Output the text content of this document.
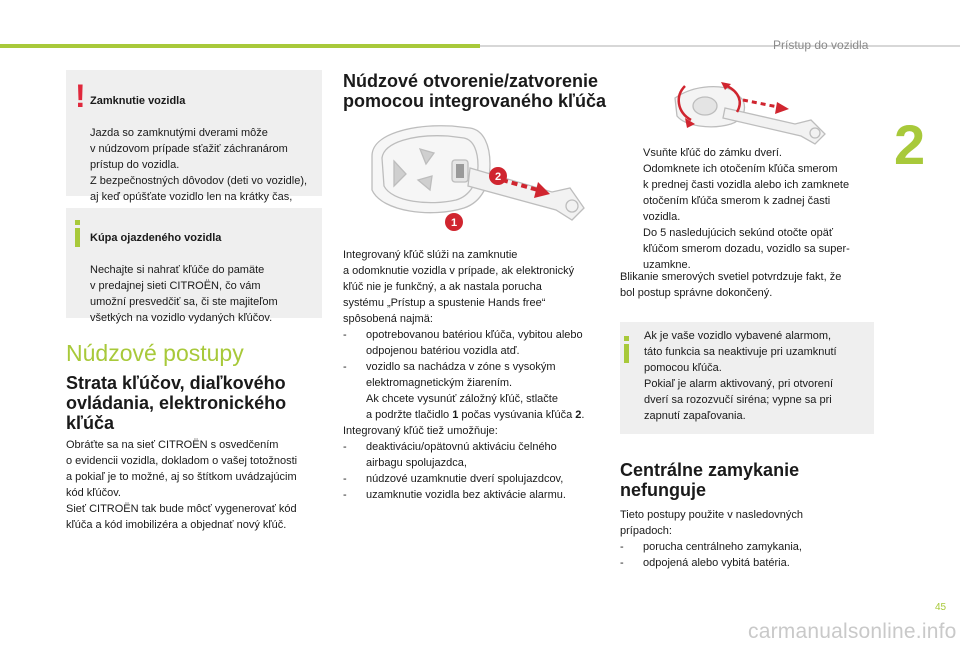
Prístup do vozidla
2
! Zamknutie vozidla

Jazda so zamknutými dverami môže
v núdzovom prípade sťažiť záchranárom
prístup do vozidla.
Z bezpečnostných dôvodov (deti vo vozidle),
aj keď opúšťate vozidlo len na krátky čas,

Kúpa ojazdeného vozidla

Nechajte si nahrať kľúče do pamäte
v predajnej sieti CITROËN, čo vám
umožní presvedčiť sa, či ste majiteľom
všetkých na vozidlo vydaných kľúčov.

Núdzové postupy
Strata kľúčov, diaľkového
ovládania, elektronického
kľúča
Obráťte sa na sieť CITROËN s osvedčením
o evidencii vozidla, dokladom o vašej totožnosti
a pokiaľ je to možné, aj so štítkom uvádzajúcim
kód kľúčov.
Sieť CITROËN tak bude môcť vygenerovať kód
kľúča a kód imobilizéra a objednať nový kľúč.
Núdzové otvorenie/zatvorenie
pomocou integrovaného kľúča
2
1
Integrovaný kľúč slúži na zamknutie
a odomknutie vozidla v prípade, ak elektronický
kľúč nie je funkčný, a ak nastala porucha
systému „Prístup a spustenie Hands free“
spôsobená najmä:
- opotrebovanou batériou kľúča, vybitou alebo
odpojenou batériou vozidla atď.
- vozidlo sa nachádza v zóne s vysokým
elektromagnetickým žiarením.
Ak chcete vysunúť záložný kľúč, stlačte
a podržte tlačidlo 1 počas vysúvania kľúča 2.
Integrovaný kľúč tiež umožňuje:
- deaktiváciu/opätovnú aktiváciu čelného
airbagu spolujazdca,
- núdzové uzamknutie dverí spolujazdcov,
- uzamknutie vozidla bez aktivácie alarmu.
Vsuňte kľúč do zámku dverí.
Odomknete ich otočením kľúča smerom
k prednej časti vozidla alebo ich zamknete
otočením kľúča smerom k zadnej časti
vozidla.
Do 5 nasledujúcich sekúnd otočte opäť
kľúčom smerom dozadu, vozidlo sa super-
uzamkne.
Blikanie smerových svetiel potvrdzuje fakt, že
bol postup správne dokončený.
Ak je vaše vozidlo vybavené alarmom,
táto funkcia sa neaktivuje pri uzamknutí
pomocou kľúča.
Pokiaľ je alarm aktivovaný, pri otvorení
dverí sa rozozvučí siréna; vypne sa pri
zapnutí zapaľovania.
Centrálne zamykanie
nefunguje
Tieto postupy použite v nasledovných
prípadoch:
- porucha centrálneho zamykania,
- odpojená alebo vybitá batéria.
45
carmanualsonline.info
